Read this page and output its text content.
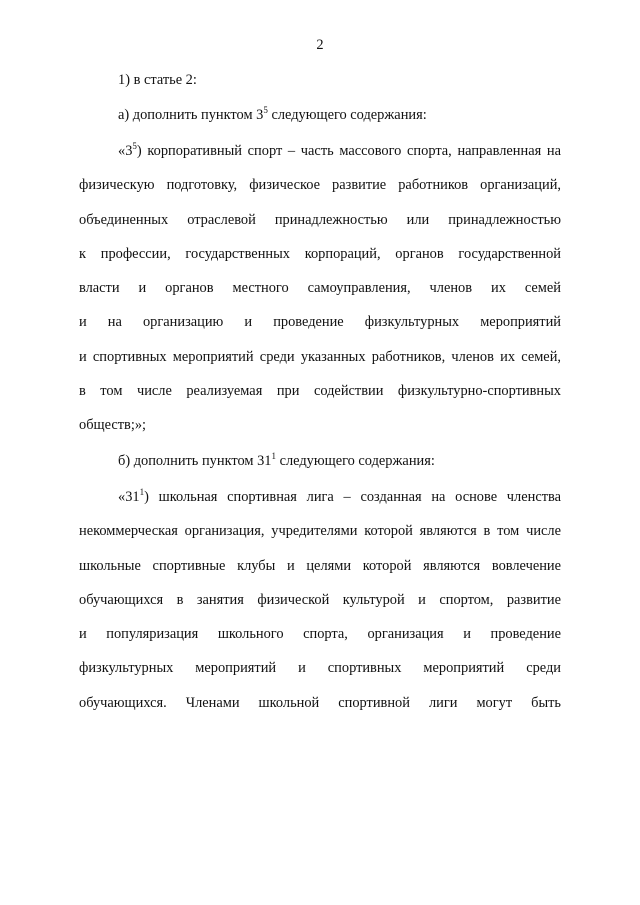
2

1) в статье 2:

а) дополнить пунктом $3^5$ следующего содержания:

«$3^5$) корпоративный спорт – часть массового спорта, направленная на
физическую подготовку, физическое развитие работников организаций,
объединенных отраслевой принадлежностью или принадлежностью
к профессии, государственных корпораций, органов государственной
власти и органов местного самоуправления, членов их семей
и на организацию и проведение физкультурных мероприятий
и спортивных мероприятий среди указанных работников, членов их семей,
в том числе реализуемая при содействии физкультурно-спортивных
обществ;»;

б) дополнить пунктом $31^1$ следующего содержания:

«$31^1$) школьная спортивная лига – созданная на основе членства
некоммерческая организация, учредителями которой являются в том числе
школьные спортивные клубы и целями которой являются вовлечение
обучающихся в занятия физической культурой и спортом, развитие
и популяризация школьного спорта, организация и проведение
физкультурных мероприятий и спортивных мероприятий среди
обучающихся. Членами школьной спортивной лиги могут быть
